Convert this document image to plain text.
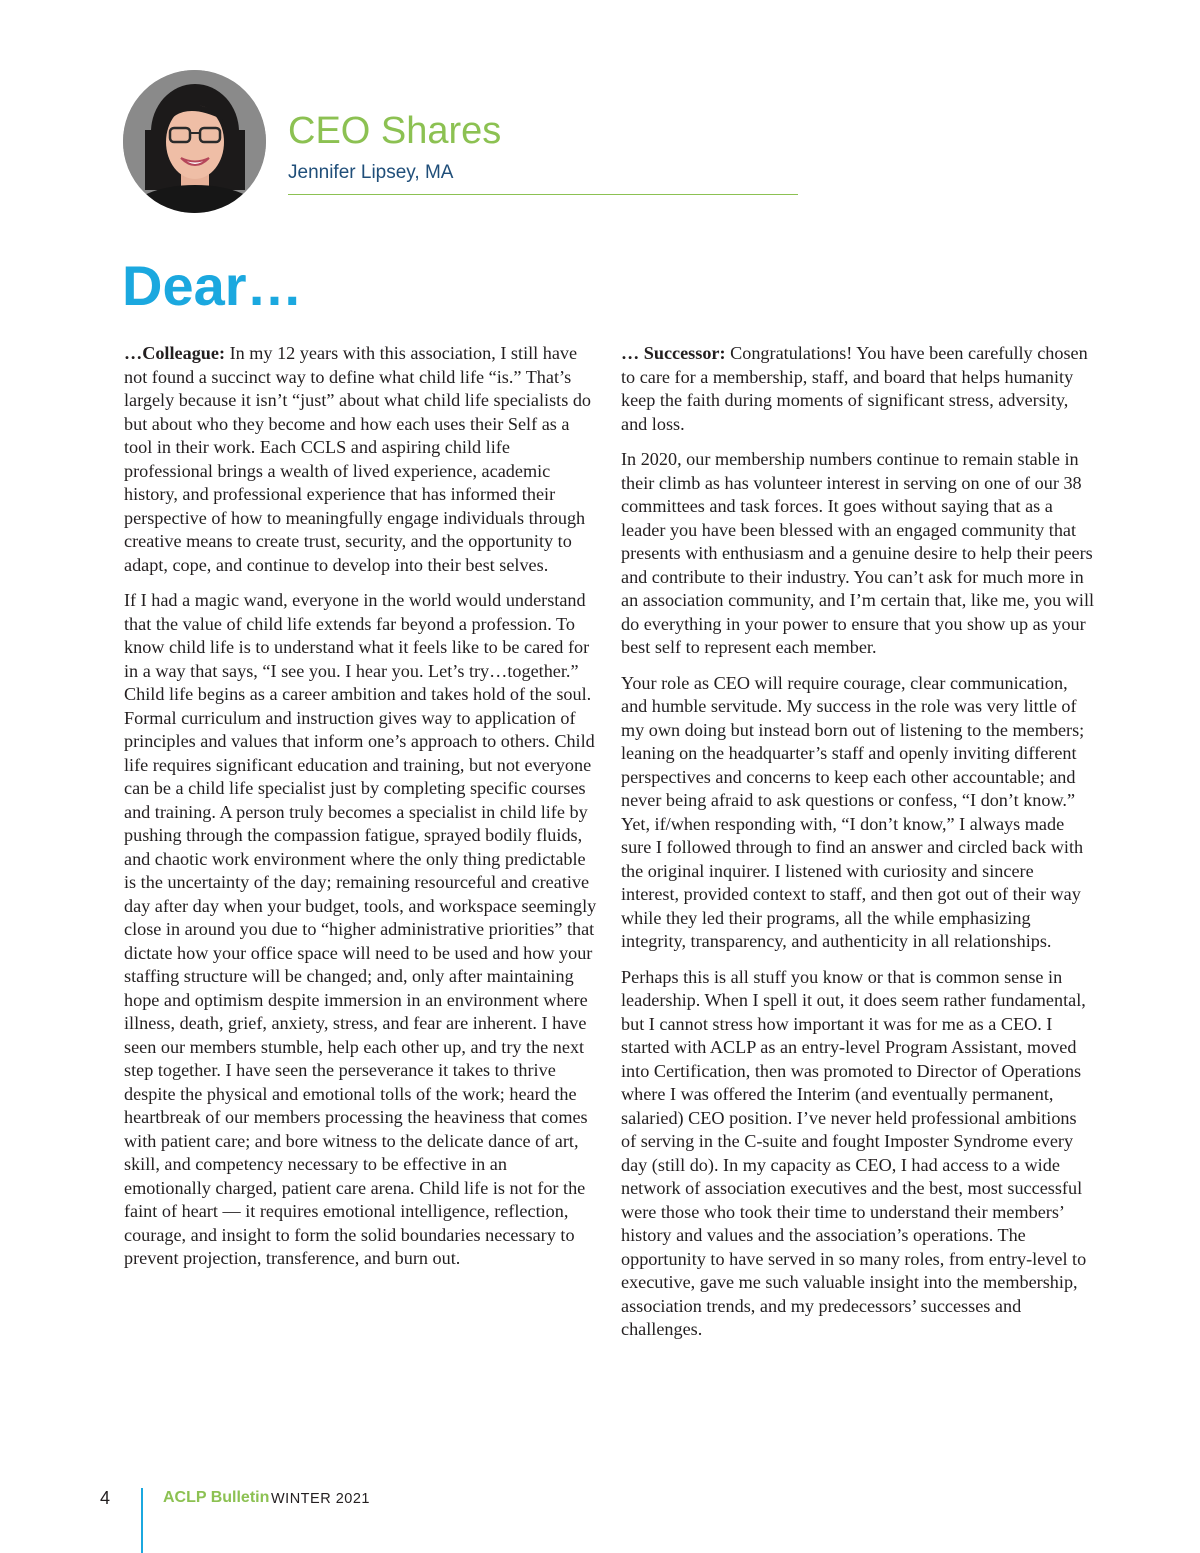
CEO Shares
Jennifer Lipsey, MA
Dear…

…Colleague: In my 12 years with this association, I still have not found a succinct way to define what child life “is.” That’s largely because it isn’t “just” about what child life specialists do but about who they become and how each uses their Self as a tool in their work. Each CCLS and aspiring child life professional brings a wealth of lived experience, academic history, and professional experience that has informed their perspective of how to meaningfully engage individuals through creative means to create trust, security, and the opportunity to adapt, cope, and continue to develop into their best selves.

If I had a magic wand, everyone in the world would understand that the value of child life extends far beyond a profession. To know child life is to understand what it feels like to be cared for in a way that says, “I see you. I hear you. Let’s try…together.” Child life begins as a career ambition and takes hold of the soul. Formal curriculum and instruction gives way to application of principles and values that inform one’s approach to others. Child life requires significant education and training, but not everyone can be a child life specialist just by completing specific courses and training. A person truly becomes a specialist in child life by pushing through the compassion fatigue, sprayed bodily fluids, and chaotic work environment where the only thing predictable is the uncertainty of the day; remaining resourceful and creative day after day when your budget, tools, and workspace seemingly close in around you due to “higher administrative priorities” that dictate how your office space will need to be used and how your staffing structure will be changed; and, only after maintaining hope and optimism despite immersion in an environment where illness, death, grief, anxiety, stress, and fear are inherent. I have seen our members stumble, help each other up, and try the next step together. I have seen the perseverance it takes to thrive despite the physical and emotional tolls of the work; heard the heartbreak of our members processing the heaviness that comes with patient care; and bore witness to the delicate dance of art, skill, and competency necessary to be effective in an emotionally charged, patient care arena. Child life is not for the faint of heart — it requires emotional intelligence, reflection, courage, and insight to form the solid boundaries necessary to prevent projection, transference, and burn out.

… Successor: Congratulations! You have been carefully chosen to care for a membership, staff, and board that helps humanity keep the faith during moments of significant stress, adversity, and loss.

In 2020, our membership numbers continue to remain stable in their climb as has volunteer interest in serving on one of our 38 committees and task forces. It goes without saying that as a leader you have been blessed with an engaged community that presents with enthusiasm and a genuine desire to help their peers and contribute to their industry. You can’t ask for much more in an association community, and I’m certain that, like me, you will do everything in your power to ensure that you show up as your best self to represent each member.

Your role as CEO will require courage, clear communication, and humble servitude. My success in the role was very little of my own doing but instead born out of listening to the members; leaning on the headquarter’s staff and openly inviting different perspectives and concerns to keep each other accountable; and never being afraid to ask questions or confess, “I don’t know.” Yet, if/when responding with, “I don’t know,” I always made sure I followed through to find an answer and circled back with the original inquirer. I listened with curiosity and sincere interest, provided context to staff, and then got out of their way while they led their programs, all the while emphasizing integrity, transparency, and authenticity in all relationships.

Perhaps this is all stuff you know or that is common sense in leadership. When I spell it out, it does seem rather fundamental, but I cannot stress how important it was for me as a CEO. I started with ACLP as an entry-level Program Assistant, moved into Certification, then was promoted to Director of Operations where I was offered the Interim (and eventually permanent, salaried) CEO position. I’ve never held professional ambitions of serving in the C-suite and fought Imposter Syndrome every day (still do). In my capacity as CEO, I had access to a wide network of association executives and the best, most successful were those who took their time to understand their members’ history and values and the association’s operations. The opportunity to have served in so many roles, from entry-level to executive, gave me such valuable insight into the membership, association trends, and my predecessors’ successes and challenges.

4	ACLP Bulletin WINTER 2021
